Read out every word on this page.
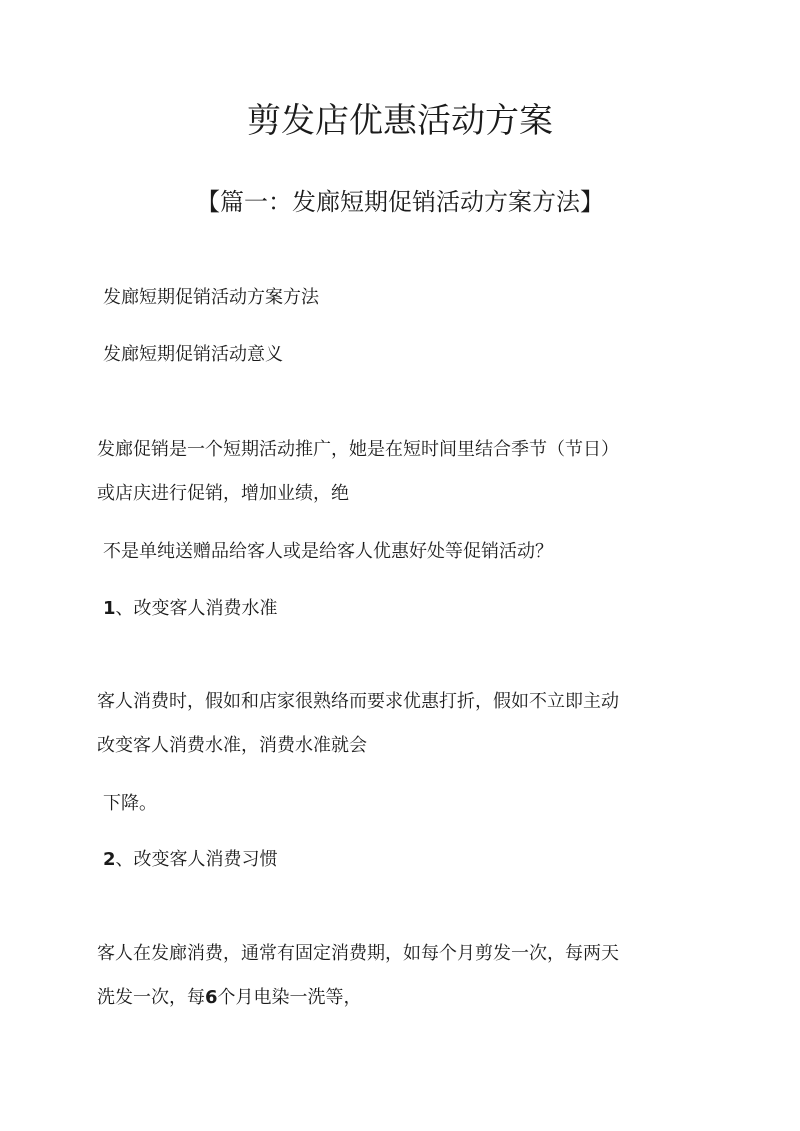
剪发店优惠活动方案
【篇一：发廊短期促销活动方案方法】

发廊短期促销活动方案方法

发廊短期促销活动意义

发廊促销是一个短期活动推广，她是在短时间里结合季节（节日）

或店庆进行促销，增加业绩，绝

不是单纯送赠品给客人或是给客人优惠好处等促销活动？

1、改变客人消费水准

客人消费时，假如和店家很熟络而要求优惠打折，假如不立即主动

改变客人消费水准，消费水准就会

下降。

2、改变客人消费习惯

客人在发廊消费，通常有固定消费期，如每个月剪发一次，每两天

洗发一次，每6个月电染一洗等，
